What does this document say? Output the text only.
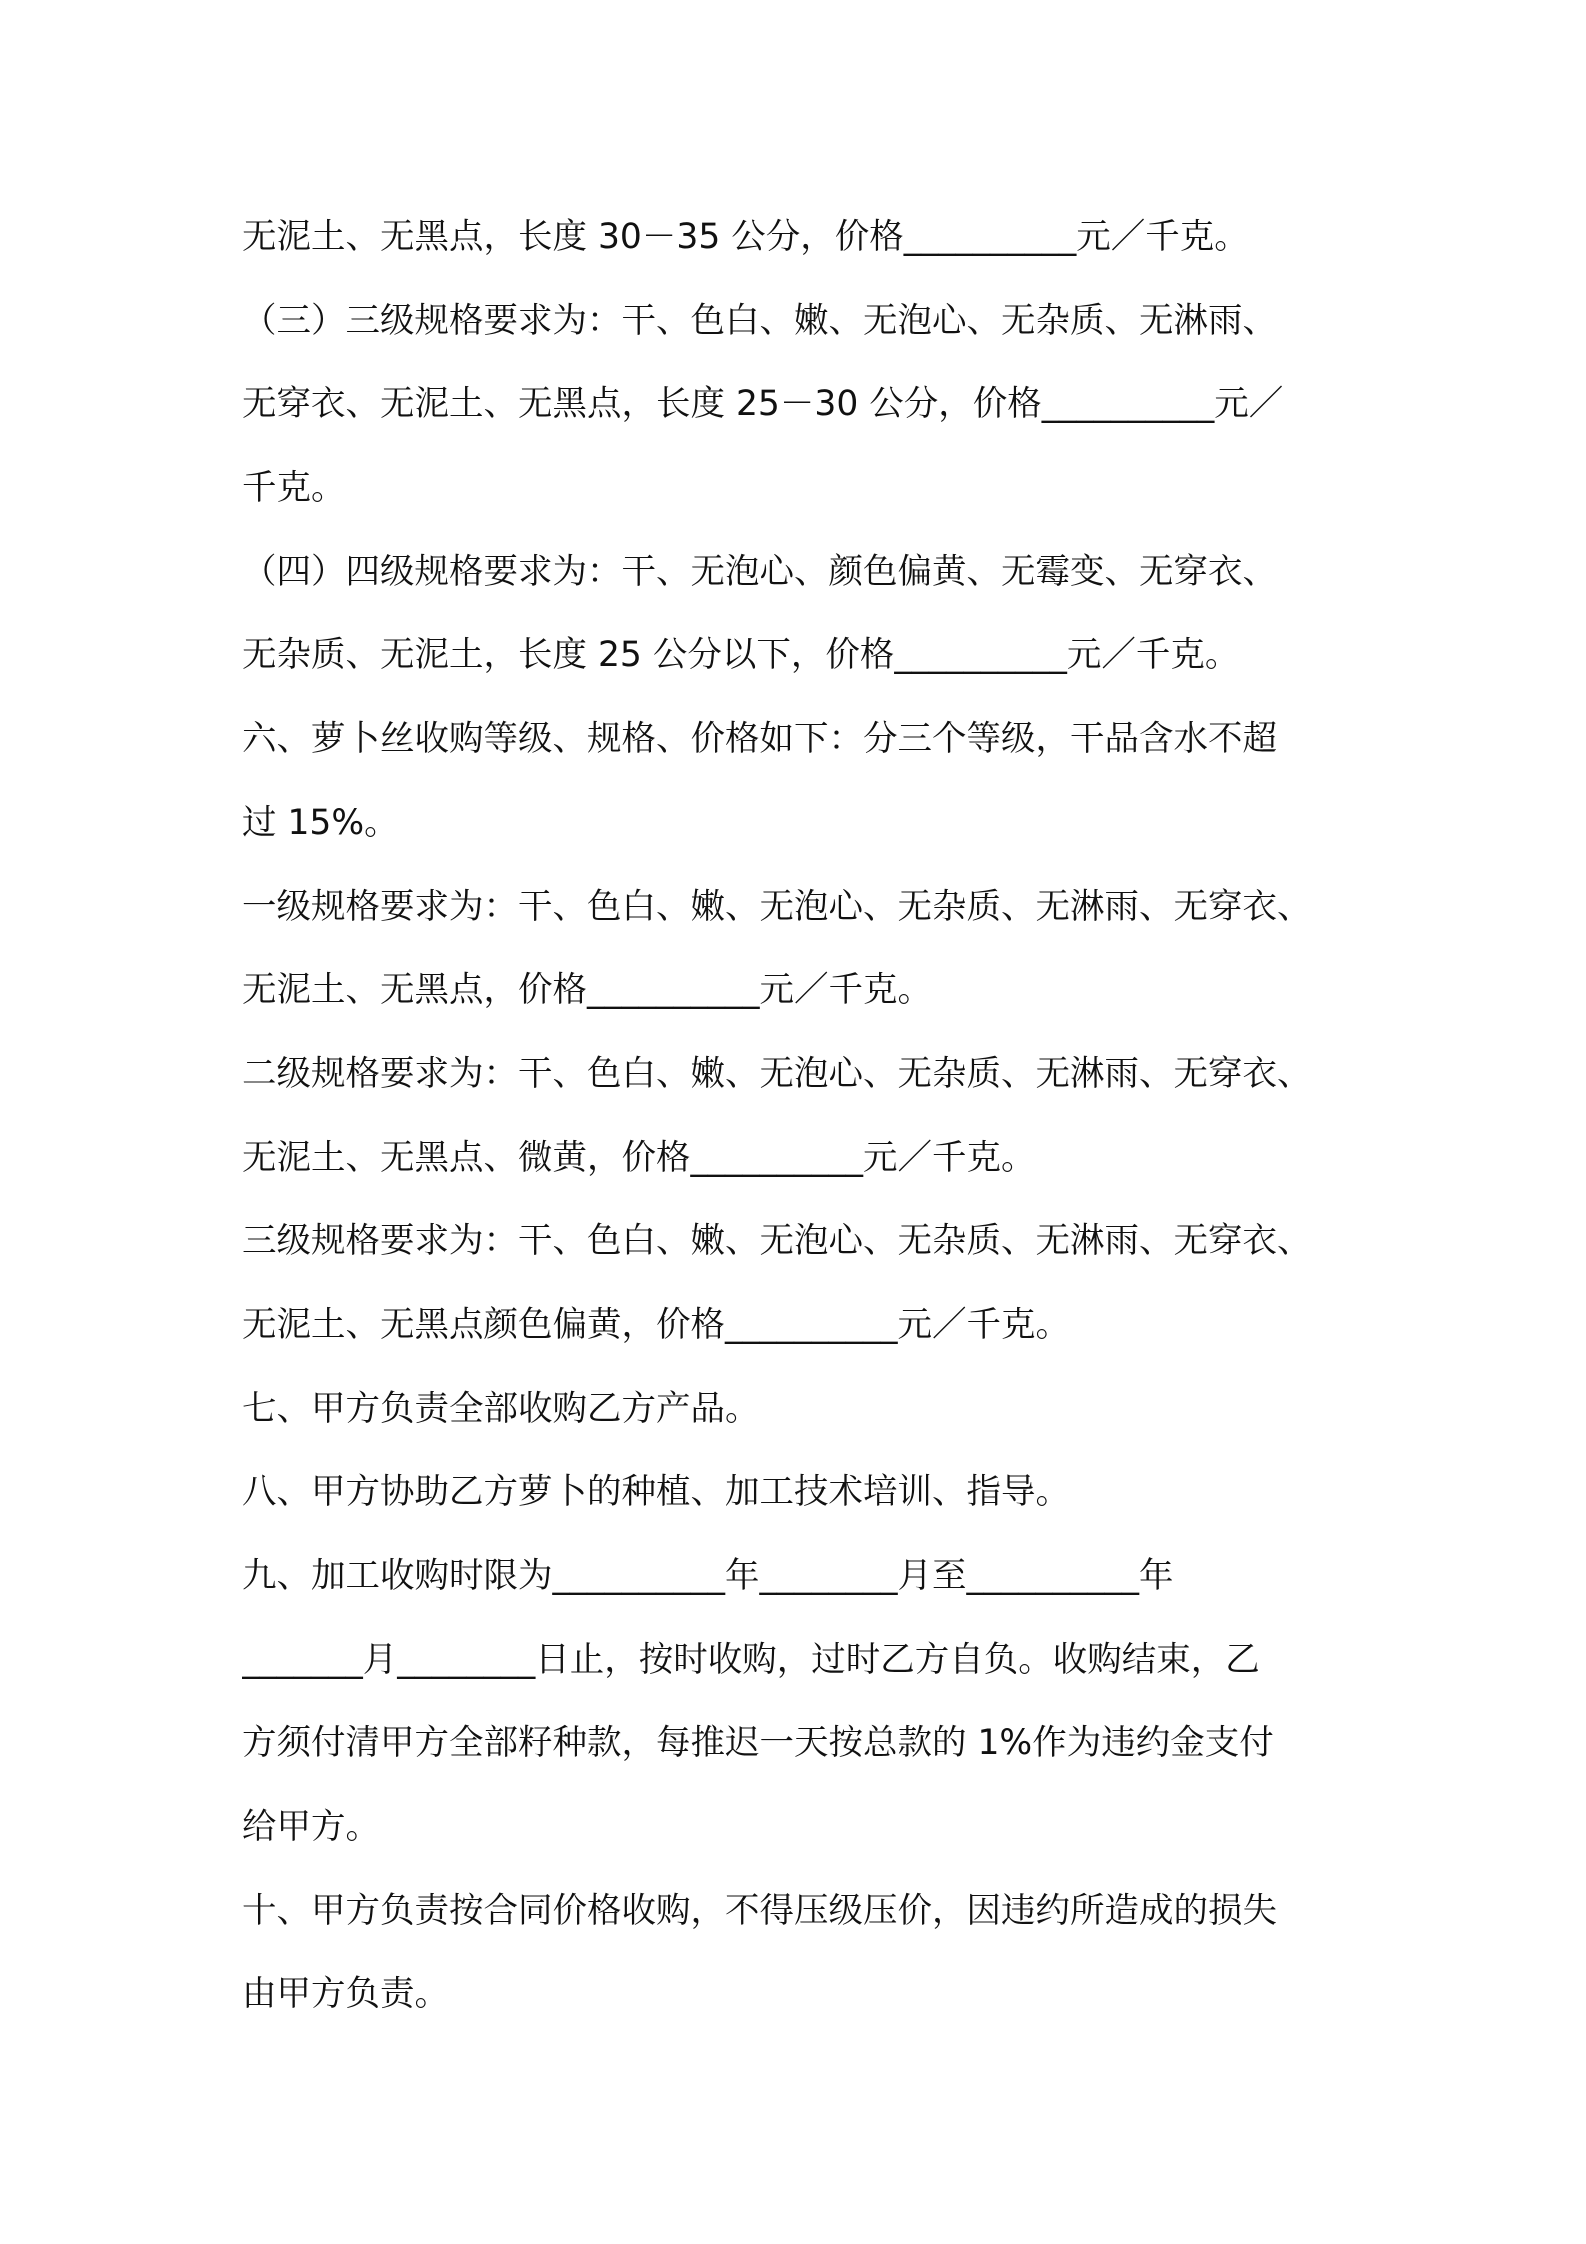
无泥土、无黑点，长度 30－35 公分，价格__________元／千克。
（三）三级规格要求为：干、色白、嫩、无泡心、无杂质、无淋雨、
无穿衣、无泥土、无黑点，长度 25－30 公分，价格__________元／
千克。
（四）四级规格要求为：干、无泡心、颜色偏黄、无霉变、无穿衣、
无杂质、无泥土，长度 25 公分以下，价格__________元／千克。
六、萝卜丝收购等级、规格、价格如下：分三个等级，干品含水不超
过 15%。
一级规格要求为：干、色白、嫩、无泡心、无杂质、无淋雨、无穿衣、
无泥土、无黑点，价格__________元／千克。
二级规格要求为：干、色白、嫩、无泡心、无杂质、无淋雨、无穿衣、
无泥土、无黑点、微黄，价格__________元／千克。
三级规格要求为：干、色白、嫩、无泡心、无杂质、无淋雨、无穿衣、
无泥土、无黑点颜色偏黄，价格__________元／千克。
七、甲方负责全部收购乙方产品。
八、甲方协助乙方萝卜的种植、加工技术培训、指导。
九、加工收购时限为__________年________月至__________年
_______月________日止，按时收购，过时乙方自负。收购结束，乙
方须付清甲方全部籽种款，每推迟一天按总款的 1%作为违约金支付
给甲方。
十、甲方负责按合同价格收购，不得压级压价，因违约所造成的损失
由甲方负责。
